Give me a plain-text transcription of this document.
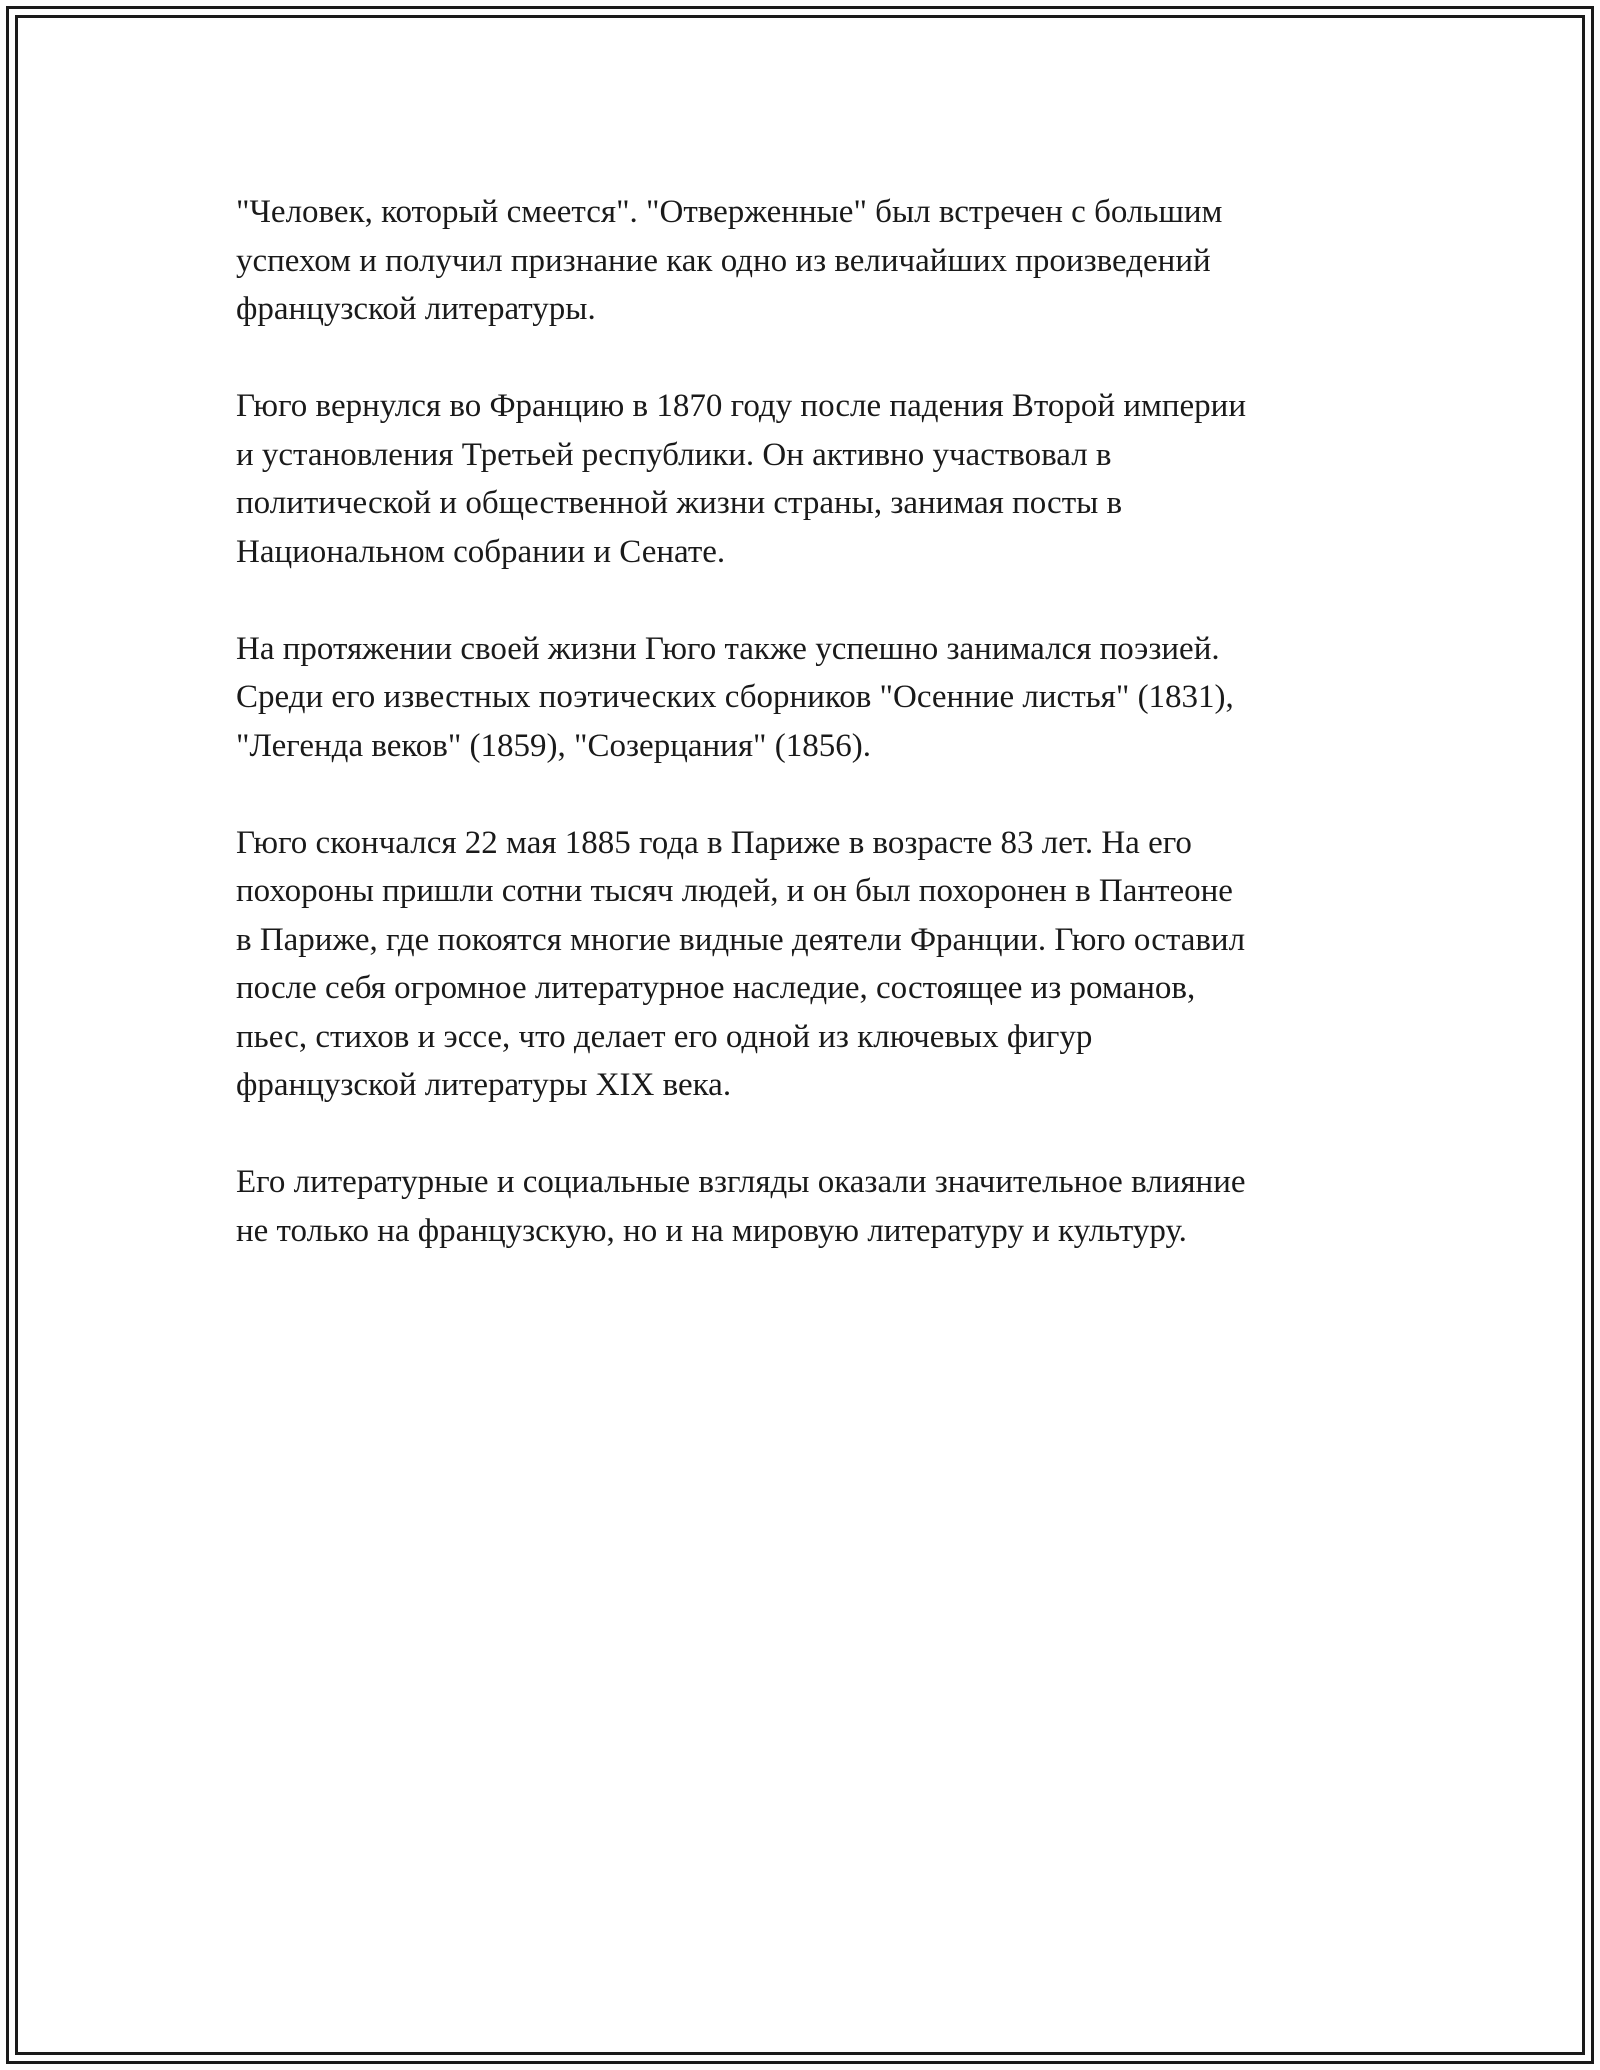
"Человек, который смеется". "Отверженные" был встречен с большим
успехом и получил признание как одно из величайших произведений
французской литературы.

Гюго вернулся во Францию в 1870 году после падения Второй империи
и установления Третьей республики. Он активно участвовал в
политической и общественной жизни страны, занимая посты в
Национальном собрании и Сенате.

На протяжении своей жизни Гюго также успешно занимался поэзией.
Среди его известных поэтических сборников "Осенние листья" (1831),
"Легенда веков" (1859), "Созерцания" (1856).

Гюго скончался 22 мая 1885 года в Париже в возрасте 83 лет. На его
похороны пришли сотни тысяч людей, и он был похоронен в Пантеоне
в Париже, где покоятся многие видные деятели Франции. Гюго оставил
после себя огромное литературное наследие, состоящее из романов,
пьес, стихов и эссе, что делает его одной из ключевых фигур
французской литературы XIX века.

Его литературные и социальные взгляды оказали значительное влияние
не только на французскую, но и на мировую литературу и культуру.
